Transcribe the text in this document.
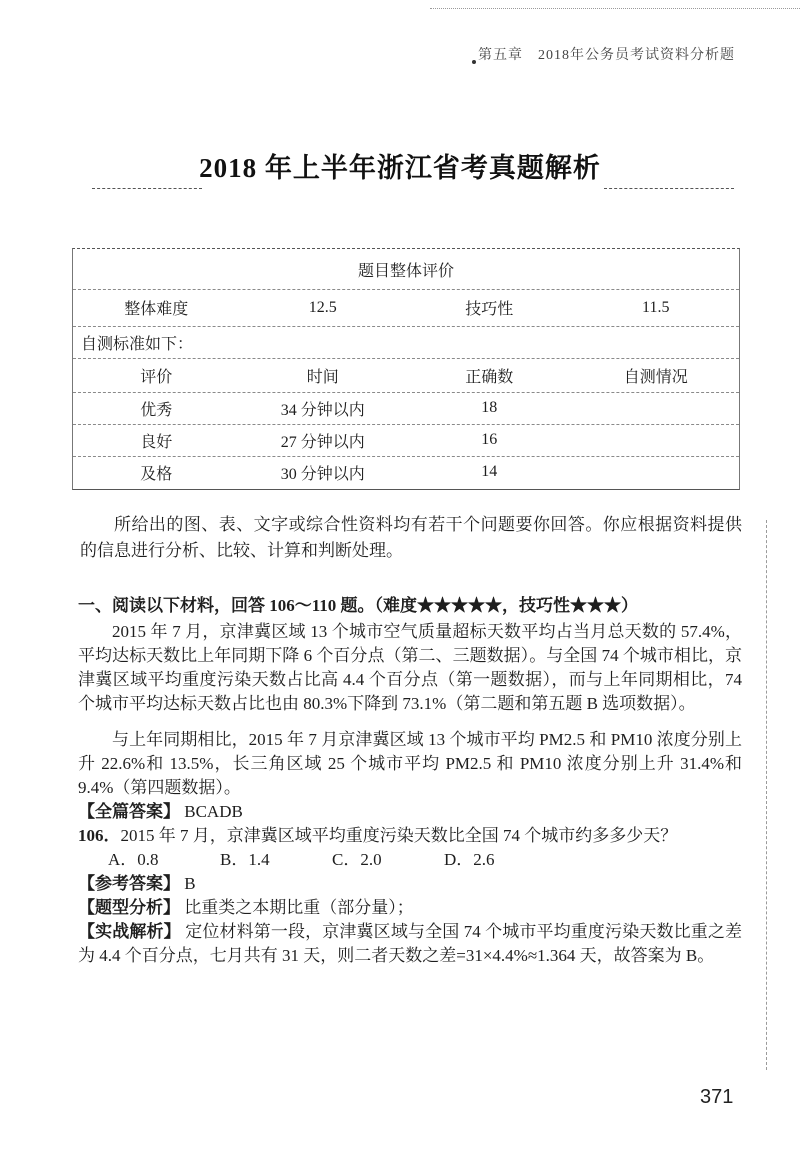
第五章　2018年公务员考试资料分析题
2018 年上半年浙江省考真题解析
题目整体评价
整体难度	12.5	技巧性	11.5
自测标准如下：
评价	时间	正确数	自测情况
优秀	34 分钟以内	18
良好	27 分钟以内	16
及格	30 分钟以内	14
所给出的图、表、文字或综合性资料均有若干个问题要你回答。你应根据资料提供的信息进行分析、比较、计算和判断处理。

一、阅读以下材料，回答 106～110 题。（难度★★★★★，技巧性★★★）

2015 年 7 月，京津冀区域 13 个城市空气质量超标天数平均占当月总天数的 57.4%，平均达标天数比上年同期下降 6 个百分点（第二、三题数据）。与全国 74 个城市相比，京津冀区域平均重度污染天数占比高 4.4 个百分点（第一题数据），而与上年同期相比，74 个城市平均达标天数占比也由 80.3%下降到 73.1%（第二题和第五题 B 选项数据）。

与上年同期相比，2015 年 7 月京津冀区域 13 个城市平均 PM2.5 和 PM10 浓度分别上升 22.6%和 13.5%，长三角区域 25 个城市平均 PM2.5 和 PM10 浓度分别上升 31.4%和 9.4%（第四题数据）。

【全篇答案】 BCADB

106．2015 年 7 月，京津冀区域平均重度污染天数比全国 74 个城市约多多少天？

A．0.8	B．1.4	C．2.0	D．2.6

【参考答案】 B

【题型分析】 比重类之本期比重（部分量）；

【实战解析】 定位材料第一段，京津冀区域与全国 74 个城市平均重度污染天数比重之差为 4.4 个百分点，七月共有 31 天，则二者天数之差=31×4.4%≈1.364 天，故答案为 B。

371
